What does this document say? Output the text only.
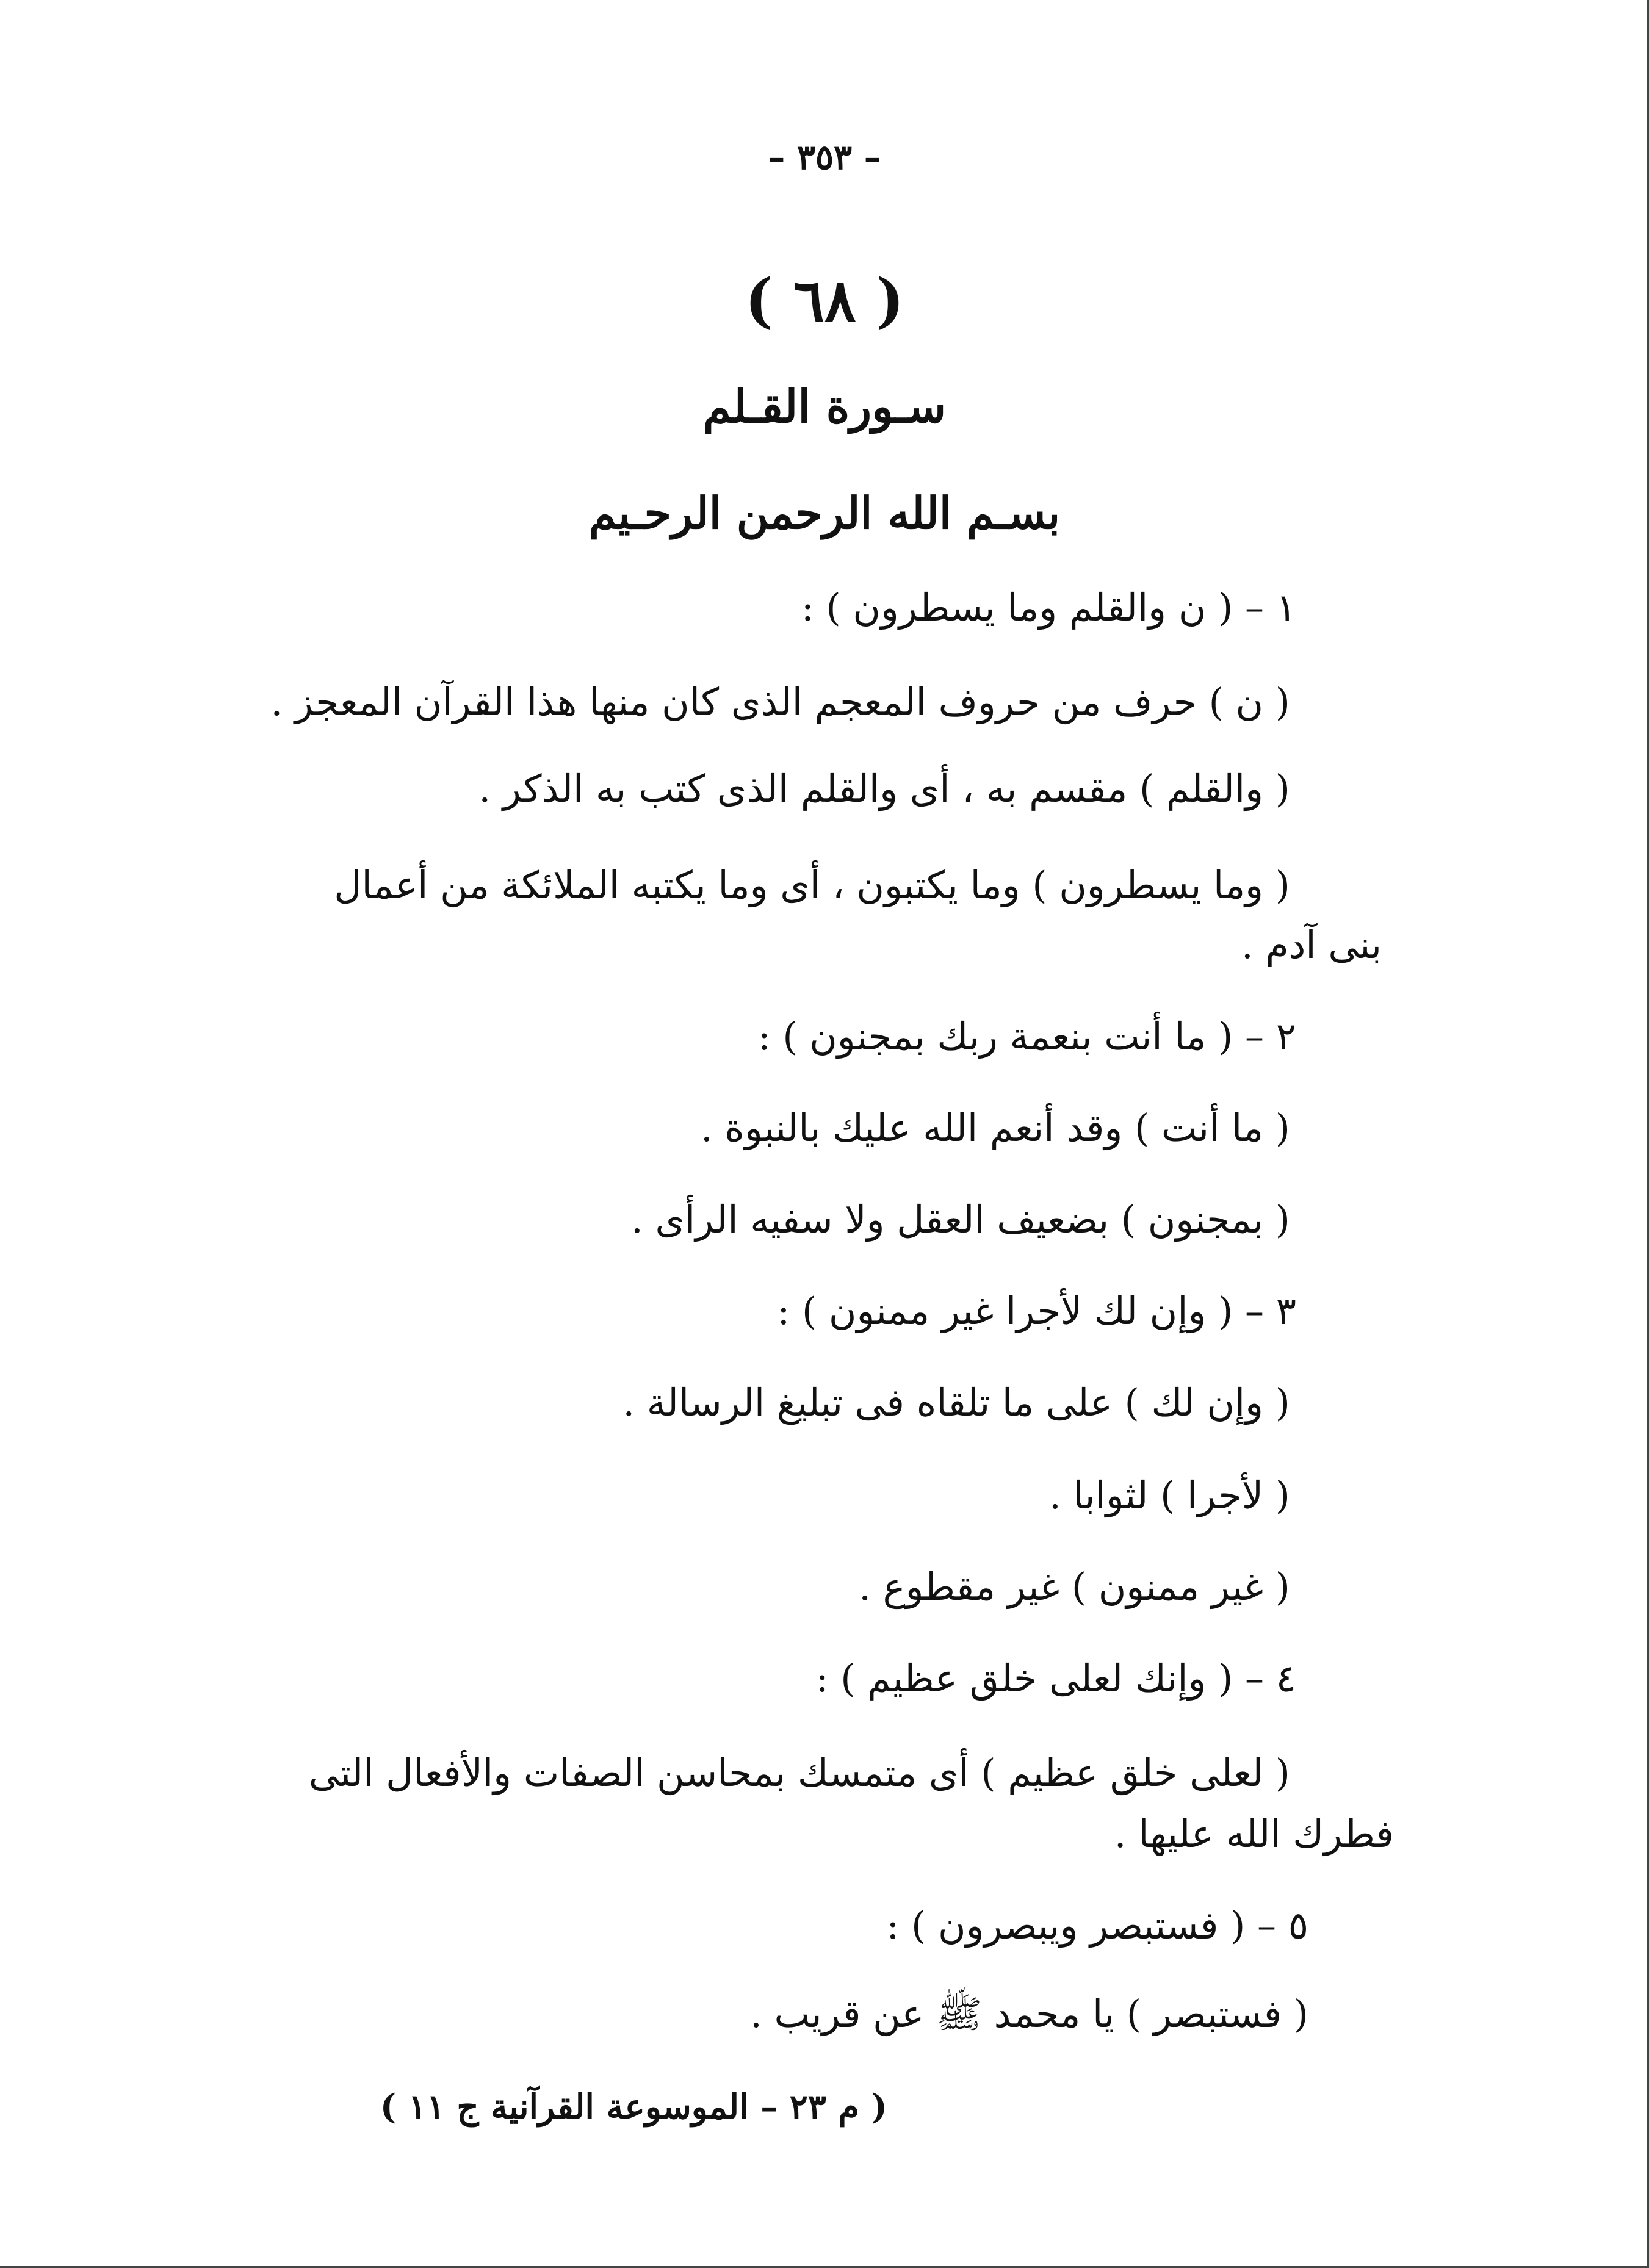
– ٣٥٣ –
( ٦٨ )
سـورة القـلم
بسـم الله الرحمن الرحـيم
١ – ( ن والقلم وما يسطرون ) :
( ن ) حرف من حروف المعجم الذى كان منها هذا القرآن المعجز .
( والقلم ) مقسم به ، أى والقلم الذى كتب به الذكر .
( وما يسطرون ) وما يكتبون ، أى وما يكتبه الملائكة من أعمال
بنى آدم .
٢ – ( ما أنت بنعمة ربك بمجنون ) :
( ما أنت ) وقد أنعم الله عليك بالنبوة .
( بمجنون ) بضعيف العقل ولا سفيه الرأى .
٣ – ( وإن لك لأجرا غير ممنون ) :
( وإن لك ) على ما تلقاه فى تبليغ الرسالة .
( لأجرا ) لثوابا .
( غير ممنون ) غير مقطوع .
٤ – ( وإنك لعلى خلق عظيم ) :
( لعلى خلق عظيم ) أى متمسك بمحاسن الصفات والأفعال التى
فطرك الله عليها .
٥ – ( فستبصر ويبصرون ) :
( فستبصر ) يا محمد ﷺ عن قريب .
( م ٢٣ – الموسوعة القرآنية ج ١١ )
